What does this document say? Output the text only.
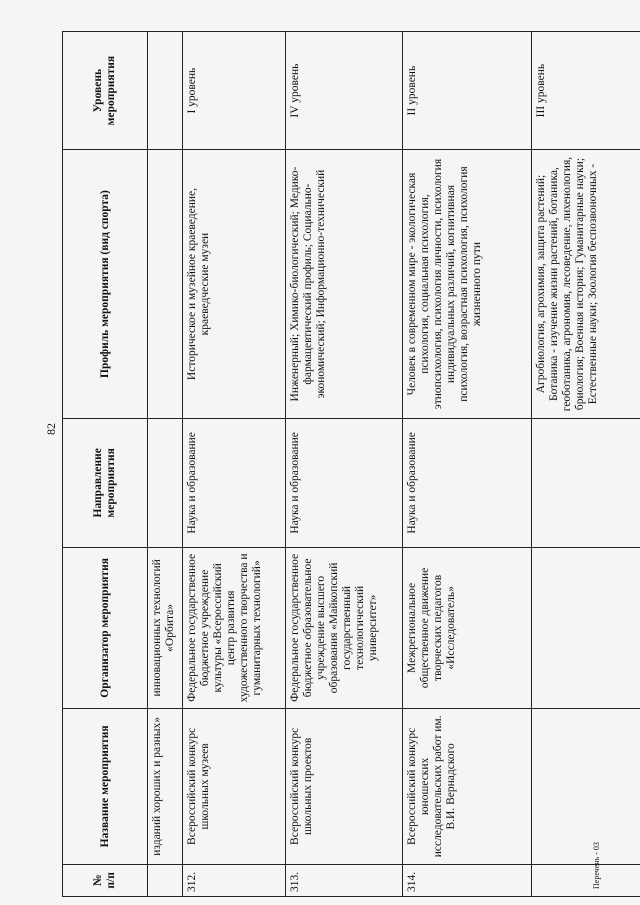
82
№ п/п	Название мероприятия	Организатор мероприятия	Направление мероприятия	Профиль мероприятия (вид спорта)	Уровень мероприятия
	изданий хороших и разных»	инновационных технологий «Орбита»			
312.	Всероссийский конкурс школьных музеев	Федеральное государственное бюджетное учреждение культуры «Всероссийский центр развития художественного творчества и гуманитарных технологий»	Наука и образование	Историческое и музейное краеведение, краеведческие музеи	I уровень
313.	Всероссийский конкурс школьных проектов	Федеральное государственное бюджетное образовательное учреждение высшего образования «Майкопский государственный технологический университет»	Наука и образование	Инженерный; Химико-биологический; Медико-фармацевтический профиль; Социально-экономический; Информационно-технический	IV уровень
314.	Всероссийский конкурс юношеских исследовательских работ им. В.И. Вернадского	Межрегиональное общественное движение творческих педагогов «Исследователь»	Наука и образование	Человек в современном мире - экологическая психология, социальная психология, этнопсихология, психология личности, психология индивидуальных различий, когнитивная психология, возрастная психология, психология жизненного пути	II уровень
				Агробиология, агрохимия, защита растений; Ботаника - изучение жизни растений, ботаника, геоботаника, агрономия, лесоведение, лихенология, бриология; Военная история; Гуманитарные науки; Естественные науки; Зоология беспозвоночных -	III уровень
Перечень - 03
